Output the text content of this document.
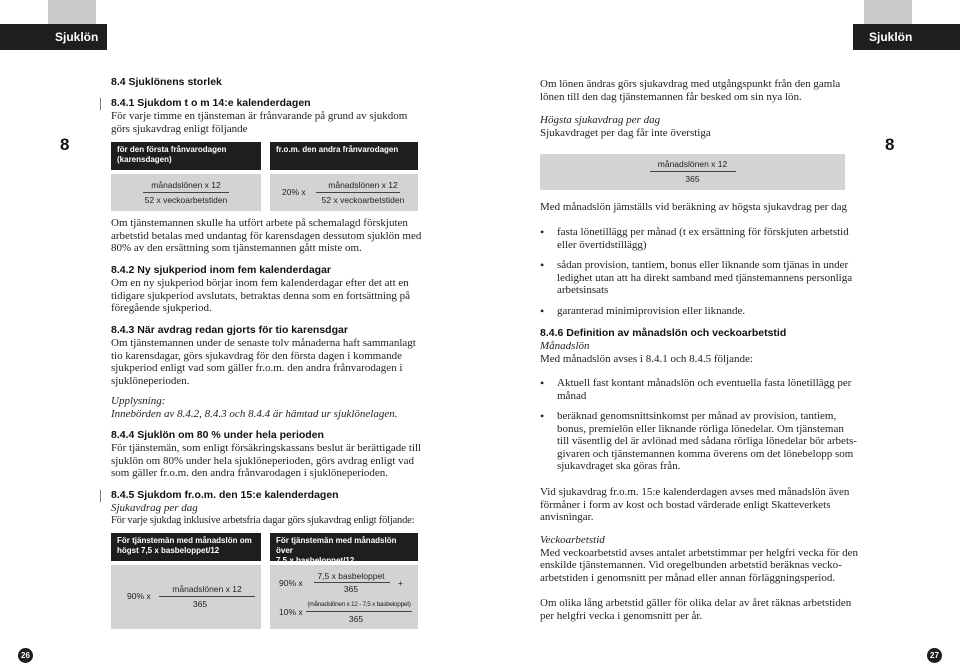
Sjuklön	Sjuklön
8	8
26	27

8.4 Sjuklönens storlek

8.4.1 Sjukdom t o m 14:e kalenderdagen

För varje timme en tjänsteman är frånvarande på grund av sjukdom

görs sjukavdrag enligt följande

för den första frånvarodagen
(karensdagen)
månadslönen x 12
52 x veckoarbetstiden
fr.o.m. den andra frånvarodagen
20% x
månadslönen x 12
52 x veckoarbetstiden

Om tjänstemannen skulle ha utfört arbete på schemalagd förskjuten

arbetstid betalas med undantag för karensdagen dessutom sjuklön med

80% av den ersättning som tjänstemannen gått miste om.

8.4.2 Ny sjukperiod inom fem kalenderdagar

Om en ny sjukperiod börjar inom fem kalenderdagar efter det att en

tidigare sjukperiod avslutats, betraktas denna som en fortsättning på

föregående sjukperiod.

8.4.3 När avdrag redan gjorts för tio karensdgar

Om tjänstemannen under de senaste tolv månaderna haft sammanlagt

tio karensdagar, görs sjukavdrag för den första dagen i kommande

sjukperiod enligt vad som gäller fr.o.m. den andra frånvarodagen i

sjuklöneperioden.

Upplysning:

Innebörden av 8.4.2, 8.4.3 och 8.4.4 är hämtad ur sjuklönelagen.

8.4.4 Sjuklön om 80 % under hela perioden

För tjänstemän, som enligt försäkringskassans beslut är berättigade till

sjuklön om 80% under hela sjuklöneperioden, görs avdrag enligt vad

som gäller fr.o.m. den andra frånvarodagen i sjuklöneperioden.

8.4.5 Sjukdom fr.o.m. den 15:e kalenderdagen

Sjukavdrag per dag

För varje sjukdag inklusive arbetsfria dagar görs sjukavdrag enligt följande:

För tjänstemän med månadslön om
högst 7,5 x basbeloppet/12
90% x
månadslönen x 12
365
För tjänstemän med månadslön över
7,5 x basbeloppet/12
90% x
7,5 x basbeloppet
365
+
10% x
(månadslönen x 12 - 7,5 x basbeloppet)
365

Om lönen ändras görs sjukavdrag med utgångspunkt från den gamla

lönen till den dag tjänstemannen får besked om sin nya lön.

Högsta sjukavdrag per dag

Sjukavdraget per dag får inte överstiga

månadslönen x 12
365

Med månadslön jämställs vid beräkning av högsta sjukavdrag per dag

• fasta lönetillägg per månad (t ex ersättning för förskjuten arbetstid
eller övertidstillägg)
• sådan provision, tantiem, bonus eller liknande som tjänas in under
ledighet utan att ha direkt samband med tjänstemannens personliga
arbetsinsats
• garanterad minimiprovision eller liknande.

8.4.6 Definition av månadslön och veckoarbetstid

Månadslön

Med månadslön avses i 8.4.1 och 8.4.5 följande:

• Aktuell fast kontant månadslön och eventuella fasta lönetillägg per
månad
• beräknad genomsnittsinkomst per månad av provision, tantiem,
bonus, premielön eller liknande rörliga lönedelar. Om tjänsteman
till väsentlig del är avlönad med sådana rörliga lönedelar bör arbets-
givaren och tjänstemannen komma överens om det lönebelopp som
sjukavdraget ska göras från.

Vid sjukavdrag fr.o.m. 15:e kalenderdagen avses med månadslön även

förmåner i form av kost och bostad värderade enligt Skatteverkets

anvisningar.

Veckoarbetstid

Med veckoarbetstid avses antalet arbetstimmar per helgfri vecka för den

enskilde tjänstemannen. Vid oregelbunden arbetstid beräknas vecko-

arbetstiden i genomsnitt per månad eller annan förläggningsperiod.

Om olika lång arbetstid gäller för olika delar av året räknas arbetstiden

per helgfri vecka i genomsnitt per år.
